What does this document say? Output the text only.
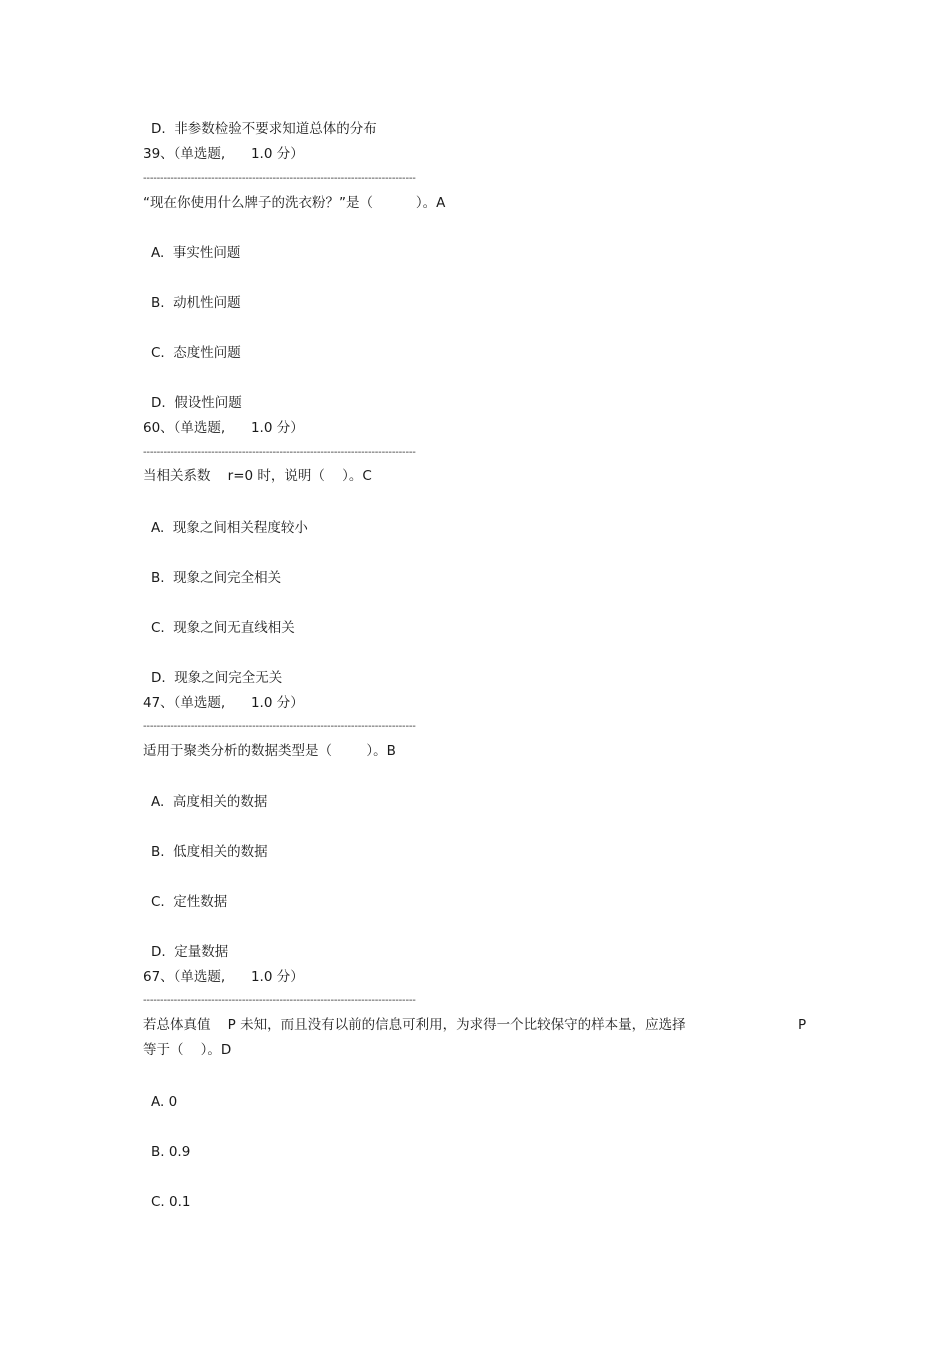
D.  非参数检验不要求知道总体的分布
39、（单选题,      1.0 分）
--------------------------------------------------------------------------------
“现在你使用什么牌子的洗衣粉？”是（          ）。A
A.  事实性问题
B.  动机性问题
C.  态度性问题
D.  假设性问题
60、（单选题,      1.0 分）
--------------------------------------------------------------------------------
当相关系数    r=0 时，说明（    ）。C
A.  现象之间相关程度较小
B.  现象之间完全相关
C.  现象之间无直线相关
D.  现象之间完全无关
47、（单选题,      1.0 分）
--------------------------------------------------------------------------------
适用于聚类分析的数据类型是（        ）。B
A.  高度相关的数据
B.  低度相关的数据
C.  定性数据
D.  定量数据
67、（单选题,      1.0 分）
--------------------------------------------------------------------------------
若总体真值    P 未知，而且没有以前的信息可利用，为求得一个比较保守的样本量，应选择	P
等于（    ）。D
A. 0
B. 0.9
C. 0.1
